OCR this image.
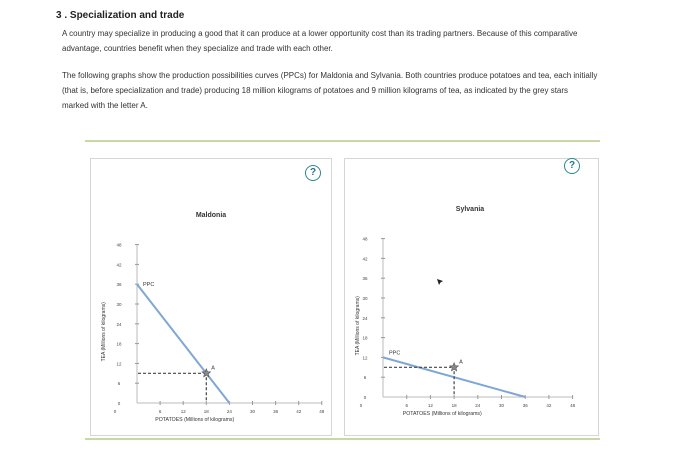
3 . Specialization and trade
A country may specialize in producing a good that it can produce at a lower opportunity cost than its trading partners. Because of this comparative
advantage, countries benefit when they specialize and trade with each other.
The following graphs show the production possibilities curves (PPCs) for Maldonia and Sylvania. Both countries produce potatoes and tea, each initially
(that is, before specialization and trade) producing 18 million kilograms of potatoes and 9 million kilograms of tea, as indicated by the grey stars
marked with the letter A.
Maldonia
48
42
36
30
24
18
12
6
0
0	6	12	18	24	30	36	42	48
TEA (Millions of kilograms)
POTATOES (Millions of kilograms)
PPC
A
?
Sylvania
48
42
36
30
24
18
12
6
0
0	6	12	18	24	30	36	42	48
TEA (Millions of kilograms)
POTATOES (Millions of kilograms)
PPC
A
?
